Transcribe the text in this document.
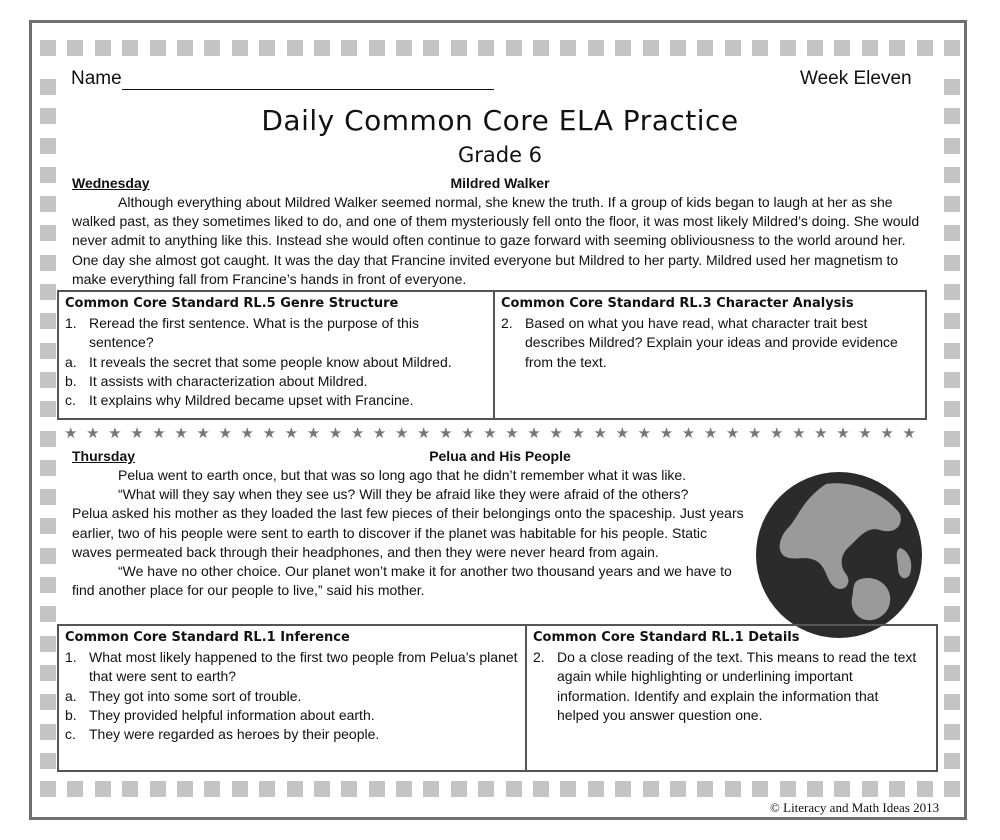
Name	Week Eleven
Daily Common Core ELA Practice
Grade 6
Wednesday	Mildred Walker

Although everything about Mildred Walker seemed normal, she knew the truth. If a group of kids began to laugh at her as she walked past, as they sometimes liked to do, and one of them mysteriously fell onto the floor, it was most likely Mildred’s doing. She would never admit to anything like this. Instead she would often continue to gaze forward with seeming obliviousness to the world around her. One day she almost got caught. It was the day that Francine invited everyone but Mildred to her party. Mildred used her magnetism to make everything fall from Francine’s hands in front of everyone.

Common Core Standard RL.5 Genre Structure
1. Reread the first sentence. What is the purpose of this sentence?
a. It reveals the secret that some people know about Mildred.
b. It assists with characterization about Mildred.
c. It explains why Mildred became upset with Francine.
Common Core Standard RL.3 Character Analysis
2. Based on what you have read, what character trait best describes Mildred? Explain your ideas and provide evidence from the text.
★ ★ ★ ★ ★ ★ ★ ★ ★ ★ ★ ★ ★ ★ ★ ★ ★ ★ ★ ★ ★ ★ ★ ★ ★ ★ ★ ★ ★ ★ ★ ★ ★ ★ ★ ★ ★ ★ ★
Thursday	Pelua and His People

Pelua went to earth once, but that was so long ago that he didn’t remember what it was like.

“What will they say when they see us? Will they be afraid like they were afraid of the others?

Pelua asked his mother as they loaded the last few pieces of their belongings onto the spaceship. Just years earlier, two of his people were sent to earth to discover if the planet was habitable for his people. Static waves permeated back through their headphones, and then they were never heard from again.

“We have no other choice. Our planet won’t make it for another two thousand years and we have to find another place for our people to live,” said his mother.

Common Core Standard RL.1 Inference
1. What most likely happened to the first two people from Pelua’s planet that were sent to earth?
a. They got into some sort of trouble.
b. They provided helpful information about earth.
c. They were regarded as heroes by their people.
Common Core Standard RL.1 Details
2. Do a close reading of the text. This means to read the text again while highlighting or underlining important information. Identify and explain the information that helped you answer question one.
© Literacy and Math Ideas 2013
